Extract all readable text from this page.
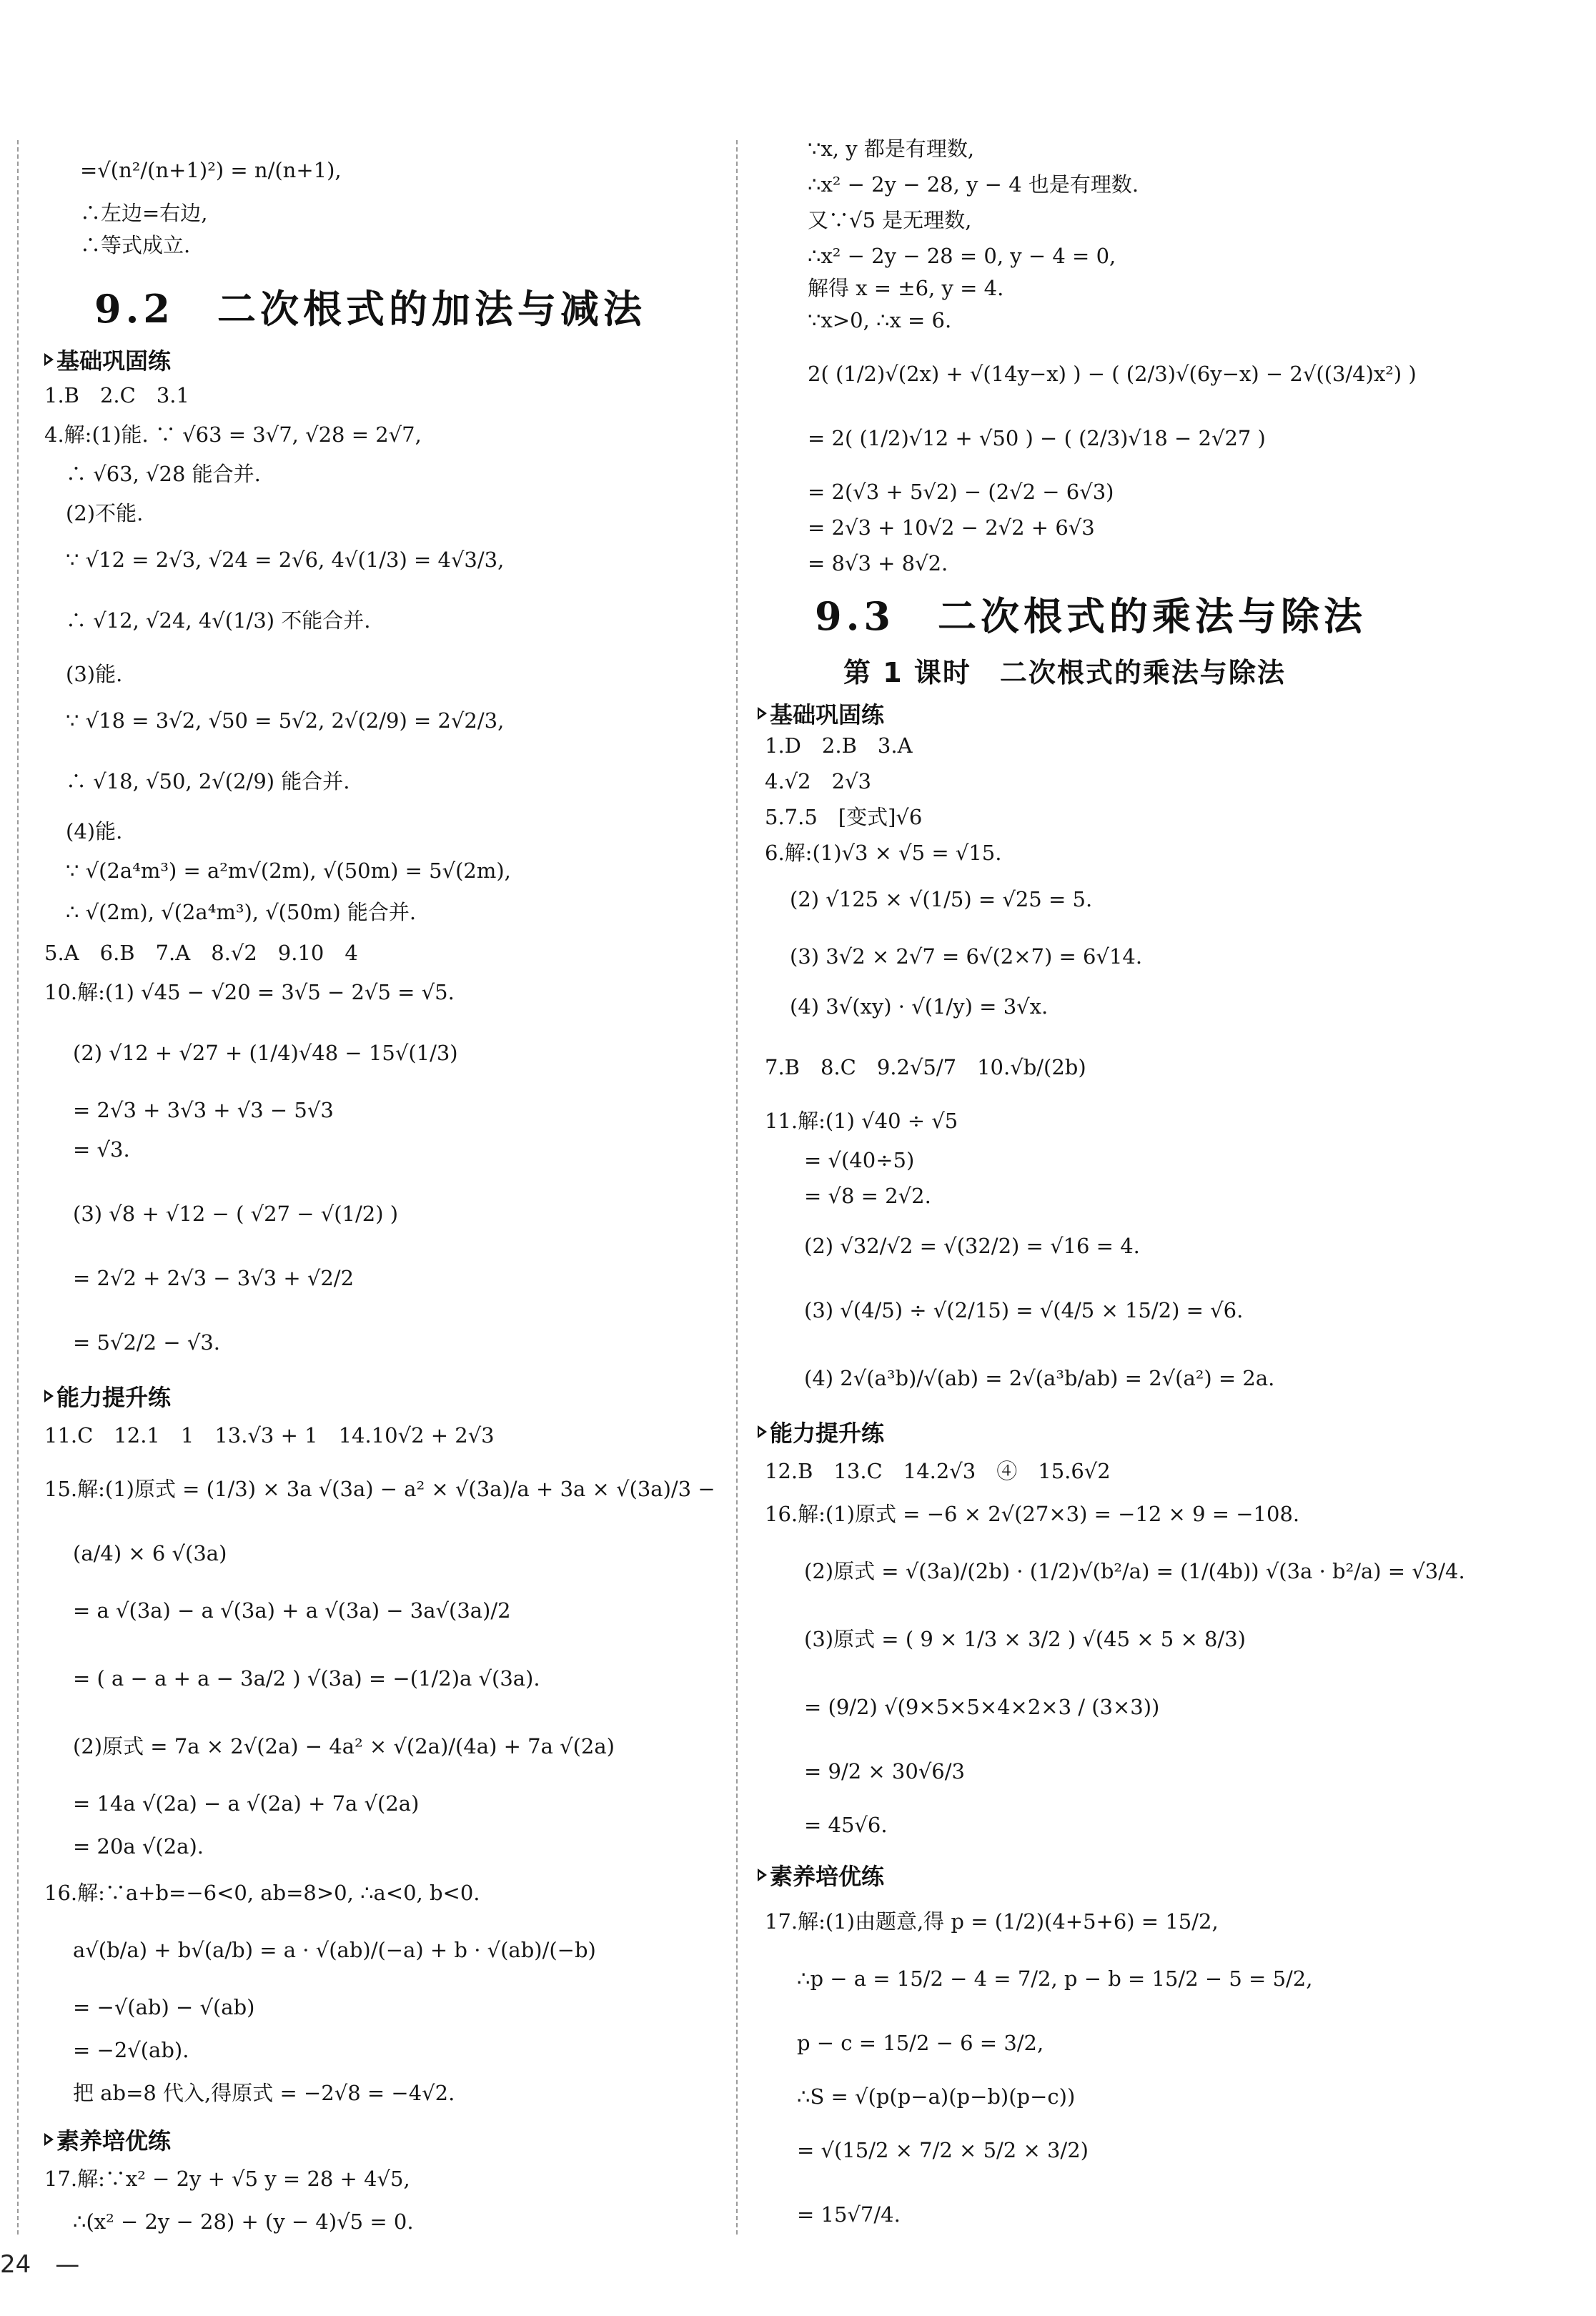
=√(n²/(n+1)²) = n/(n+1),
∴左边=右边,
∴等式成立.
9.2　二次根式的加法与减法
基础巩固练
1.B　2.C　3.1
4.解:(1)能. ∵ √63 = 3√7, √28 = 2√7,
∴ √63, √28 能合并.
(2)不能.
∵ √12 = 2√3, √24 = 2√6, 4√(1/3) = 4√3/3,
∴ √12, √24, 4√(1/3) 不能合并.
(3)能.
∵ √18 = 3√2, √50 = 5√2, 2√(2/9) = 2√2/3,
∴ √18, √50, 2√(2/9) 能合并.
(4)能.
∵ √(2a⁴m³) = a²m√(2m), √(50m) = 5√(2m),
∴ √(2m), √(2a⁴m³), √(50m) 能合并.
5.A　6.B　7.A　8.√2　9.10　4
10.解:(1) √45 − √20 = 3√5 − 2√5 = √5.
(2) √12 + √27 + (1/4)√48 − 15√(1/3)
= 2√3 + 3√3 + √3 − 5√3
= √3.
(3) √8 + √12 − ( √27 − √(1/2) )
= 2√2 + 2√3 − 3√3 + √2/2
= 5√2/2 − √3.
能力提升练
11.C　12.1　1　13.√3 + 1　14.10√2 + 2√3
15.解:(1)原式 = (1/3) × 3a √(3a) − a² × √(3a)/a + 3a × √(3a)/3 −
(a/4) × 6 √(3a)
= a √(3a) − a √(3a) + a √(3a) − 3a√(3a)/2
= ( a − a + a − 3a/2 ) √(3a) = −(1/2)a √(3a).
(2)原式 = 7a × 2√(2a) − 4a² × √(2a)/(4a) + 7a √(2a)
= 14a √(2a) − a √(2a) + 7a √(2a)
= 20a √(2a).
16.解:∵a+b=−6<0, ab=8>0, ∴a<0, b<0.
a√(b/a) + b√(a/b) = a · √(ab)/(−a) + b · √(ab)/(−b)
= −√(ab) − √(ab)
= −2√(ab).
把 ab=8 代入,得原式 = −2√8 = −4√2.
素养培优练
17.解:∵x² − 2y + √5 y = 28 + 4√5,
∴(x² − 2y − 28) + (y − 4)√5 = 0.
∵x, y 都是有理数,
∴x² − 2y − 28, y − 4 也是有理数.
又∵√5 是无理数,
∴x² − 2y − 28 = 0, y − 4 = 0,
解得 x = ±6, y = 4.
∵x>0, ∴x = 6.
2( (1/2)√(2x) + √(14y−x) ) − ( (2/3)√(6y−x) − 2√((3/4)x²) )
= 2( (1/2)√12 + √50 ) − ( (2/3)√18 − 2√27 )
= 2(√3 + 5√2) − (2√2 − 6√3)
= 2√3 + 10√2 − 2√2 + 6√3
= 8√3 + 8√2.
9.3　二次根式的乘法与除法
第 1 课时　二次根式的乘法与除法
基础巩固练
1.D　2.B　3.A
4.√2　2√3
5.7.5　[变式]√6
6.解:(1)√3 × √5 = √15.
(2) √125 × √(1/5) = √25 = 5.
(3) 3√2 × 2√7 = 6√(2×7) = 6√14.
(4) 3√(xy) · √(1/y) = 3√x.
7.B　8.C　9.2√5/7　10.√b/(2b)
11.解:(1) √40 ÷ √5
= √(40÷5)
= √8 = 2√2.
(2) √32/√2 = √(32/2) = √16 = 4.
(3) √(4/5) ÷ √(2/15) = √(4/5 × 15/2) = √6.
(4) 2√(a³b)/√(ab) = 2√(a³b/ab) = 2√(a²) = 2a.
能力提升练
12.B　13.C　14.2√3　④　15.6√2
16.解:(1)原式 = −6 × 2√(27×3) = −12 × 9 = −108.
(2)原式 = √(3a)/(2b) · (1/2)√(b²/a) = (1/(4b)) √(3a · b²/a) = √3/4.
(3)原式 = ( 9 × 1/3 × 3/2 ) √(45 × 5 × 8/3)
= (9/2) √(9×5×5×4×2×3 / (3×3))
= 9/2 × 30√6/3
= 45√6.
素养培优练
17.解:(1)由题意,得 p = (1/2)(4+5+6) = 15/2,
∴p − a = 15/2 − 4 = 7/2, p − b = 15/2 − 5 = 5/2,
p − c = 15/2 − 6 = 3/2,
∴S = √(p(p−a)(p−b)(p−c))
= √(15/2 × 7/2 × 5/2 × 3/2)
= 15√7/4.
24　—
